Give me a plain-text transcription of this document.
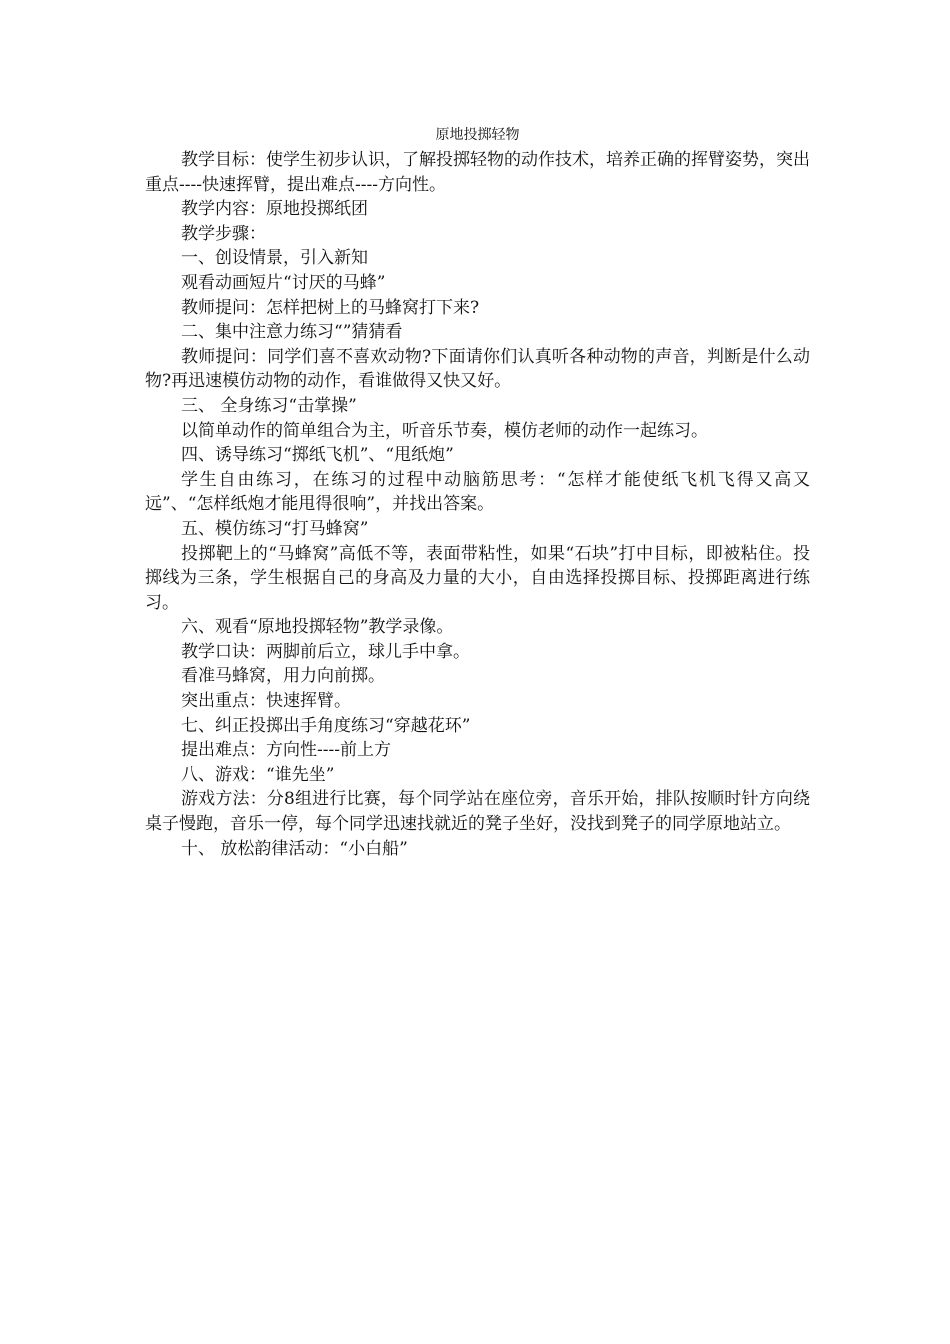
原地投掷轻物

教学目标：使学生初步认识，了解投掷轻物的动作技术，培养正确的挥臂姿势，突出重点----快速挥臂，提出难点----方向性。

教学内容：原地投掷纸团

教学步骤：

一、创设情景，引入新知

观看动画短片“讨厌的马蜂”

教师提问：怎样把树上的马蜂窝打下来?

二、集中注意力练习“”猜猜看

教师提问：同学们喜不喜欢动物?下面请你们认真听各种动物的声音，判断是什么动物?再迅速模仿动物的动作，看谁做得又快又好。

三、 全身练习“击掌操”

以简单动作的简单组合为主，听音乐节奏，模仿老师的动作一起练习。

四、诱导练习“掷纸飞机”、“甩纸炮”

学生自由练习，在练习的过程中动脑筋思考：“怎样才能使纸飞机飞得又高又远”、“怎样纸炮才能甩得很响”，并找出答案。

五、模仿练习“打马蜂窝”

投掷靶上的“马蜂窝”高低不等，表面带粘性，如果“石块”打中目标，即被粘住。投掷线为三条，学生根据自己的身高及力量的大小，自由选择投掷目标、投掷距离进行练习。

六、观看“原地投掷轻物”教学录像。

教学口诀：两脚前后立，球儿手中拿。

看准马蜂窝，用力向前掷。

突出重点：快速挥臂。

七、纠正投掷出手角度练习“穿越花环”

提出难点：方向性----前上方

八、游戏：“谁先坐”

游戏方法：分8组进行比赛，每个同学站在座位旁，音乐开始，排队按顺时针方向绕桌子慢跑，音乐一停，每个同学迅速找就近的凳子坐好，没找到凳子的同学原地站立。

十、 放松韵律活动：“小白船”
